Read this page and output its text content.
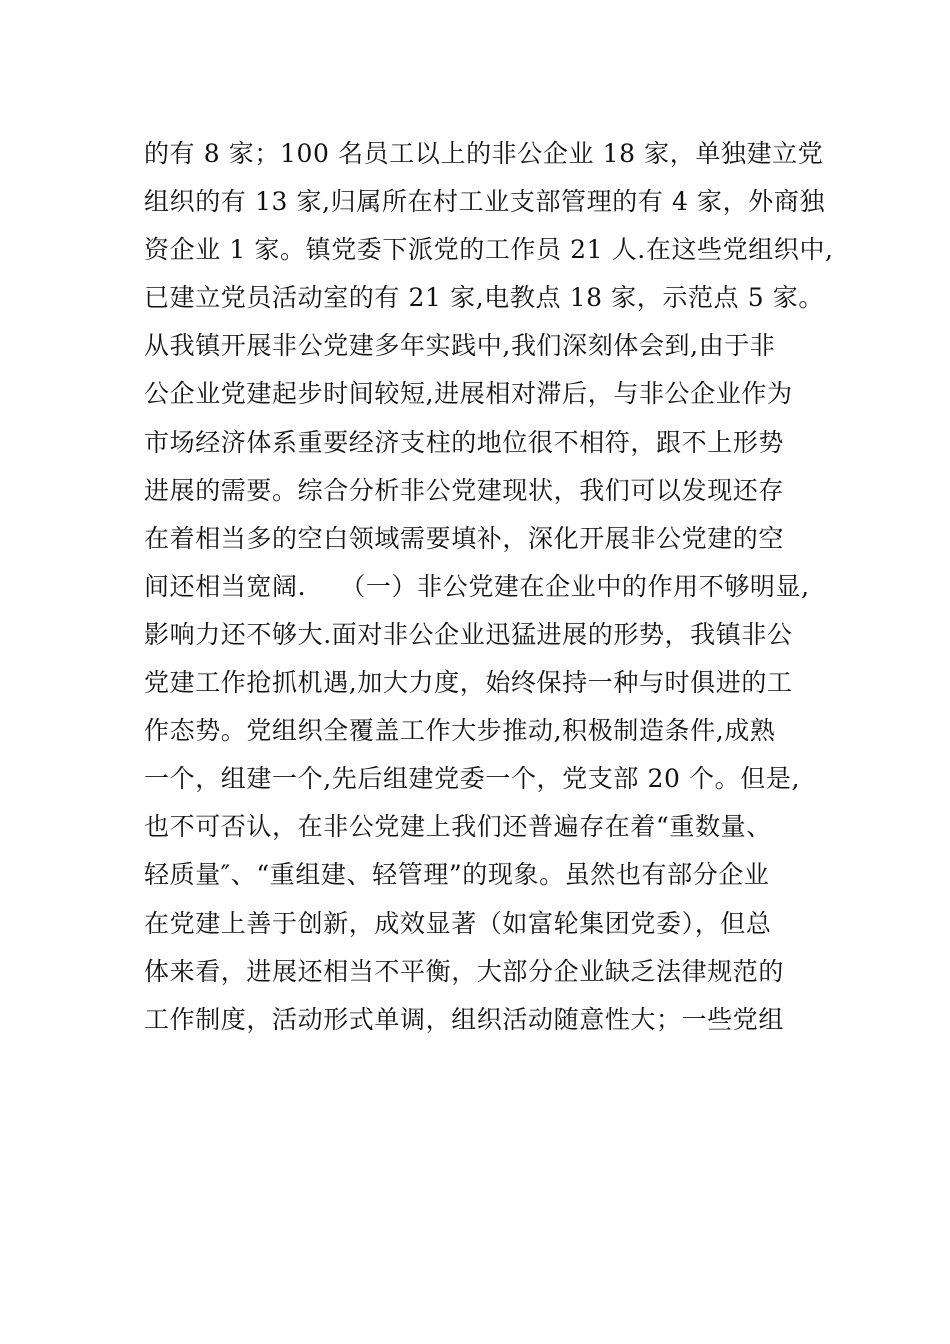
的有 8 家；100 名员工以上的非公企业 18 家，单独建立党
组织的有 13 家,归属所在村工业支部管理的有 4 家，外商独
资企业 1 家。镇党委下派党的工作员 21 人.在这些党组织中,
已建立党员活动室的有 21 家,电教点 18 家，示范点 5 家。
从我镇开展非公党建多年实践中,我们深刻体会到,由于非
公企业党建起步时间较短,进展相对滞后，与非公企业作为
市场经济体系重要经济支柱的地位很不相符，跟不上形势
进展的需要。综合分析非公党建现状，我们可以发现还存
在着相当多的空白领域需要填补，深化开展非公党建的空
间还相当宽阔.    （一）非公党建在企业中的作用不够明显,
影响力还不够大.面对非公企业迅猛进展的形势，我镇非公
党建工作抢抓机遇,加大力度，始终保持一种与时俱进的工
作态势。党组织全覆盖工作大步推动,积极制造条件,成熟
一个，组建一个,先后组建党委一个，党支部 20 个。但是,
也不可否认，在非公党建上我们还普遍存在着“重数量、
轻质量″、“重组建、轻管理”的现象。虽然也有部分企业
在党建上善于创新，成效显著（如富轮集团党委），但总
体来看，进展还相当不平衡，大部分企业缺乏法律规范的
工作制度，活动形式单调，组织活动随意性大；一些党组
